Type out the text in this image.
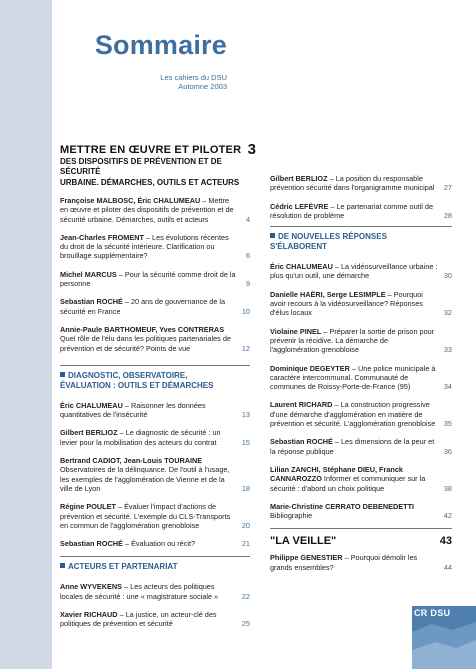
Sommaire
Les cahiers du DSU
Automne 2003
METTRE EN ŒUVRE ET PILOTER 3
DES DISPOSITIFS DE PRÉVENTION ET DE SÉCURITÉ
URBAINE. DÉMARCHES, OUTILS ET ACTEURS
Françoise MALBOSC, Éric CHALUMEAU – Mettre en œuvre et piloter des dispositifs de prévention et de sécurité urbaine. Démarches, outils et acteurs	4
Jean-Charles FROMENT – Les évolutions récentes du droit de la sécurité intérieure. Clarification ou brouillage supplémentaire?	6
Michel MARCUS – Pour la sécurité comme droit de la personne	9
Sebastian ROCHÉ – 20 ans de gouvernance de la sécurité en France	10
Annie-Paule BARTHOMEUF, Yves CONTRERAS Quel rôle de l'élu dans les politiques partenariales de prévention et de sécurité? Points de vue	12
DIAGNOSTIC, OBSERVATOIRE,
ÉVALUATION : OUTILS ET DÉMARCHES
Éric CHALUMEAU – Raisonner les données quantitatives de l'insécurité	13
Gilbert BERLIOZ – Le diagnostic de sécurité : un levier pour la mobilisation des acteurs du contrat	15
Bertrand CADIOT, Jean-Louis TOURAINE Observatoires de la délinquance. De l'outil à l'usage, les exemples de l'agglomération de Vienne et de la ville de Lyon	18
Régine POULET – Évaluer l'impact d'actions de prévention et sécurité. L'exemple du CLS-Transports en commun de l'agglomération grenobloise	20
Sebastian ROCHÉ – Évaluation ou récit?	21
ACTEURS ET PARTENARIAT
Anne WYVEKENS – Les acteurs des politiques locales de sécurité : une « magistrature sociale »	22
Xavier RICHAUD – La justice, un acteur-clé des politiques de prévention et sécurité	25
Gilbert BERLIOZ – La position du responsable prévention sécurité dans l'organigramme municipal	27
Cédric LEFÈVRE – Le partenariat comme outil de résolution de problème	28
DE NOUVELLES RÉPONSES
S'ÉLABORENT
Éric CHALUMEAU – La vidéosurveillance urbaine : plus qu'un outil, une démarche	30
Danielle HAËRI, Serge LESIMPLE – Pourquoi avoir recours à la vidéosurveillance? Réponses d'élus locaux	32
Violaine PINEL – Préparer la sortie de prison pour prévenir la récidive. La démarche de l'agglomération grenobloise	33
Dominique DEGEYTER – Une police municipale à caractère intercommunal. Communauté de communes de Roissy-Porte-de-France (95)	34
Laurent RICHARD – La construction progressive d'une démarche d'agglomération en matière de prévention et sécurité. L'agglomération grenobloise	35
Sebastian ROCHÉ – Les dimensions de la peur et la réponse publique	36
Lilian ZANCHI, Stéphane DIEU, Franck CANNAROZZO Informer et communiquer sur la sécurité : d'abord un choix politique	38
Marie-Christine CERRATO DEBENEDETTI Bibliographie	42
"LA VEILLE"	43
Philippe GENESTIER – Pourquoi démolir les grands ensembles?	44
CR DSU
